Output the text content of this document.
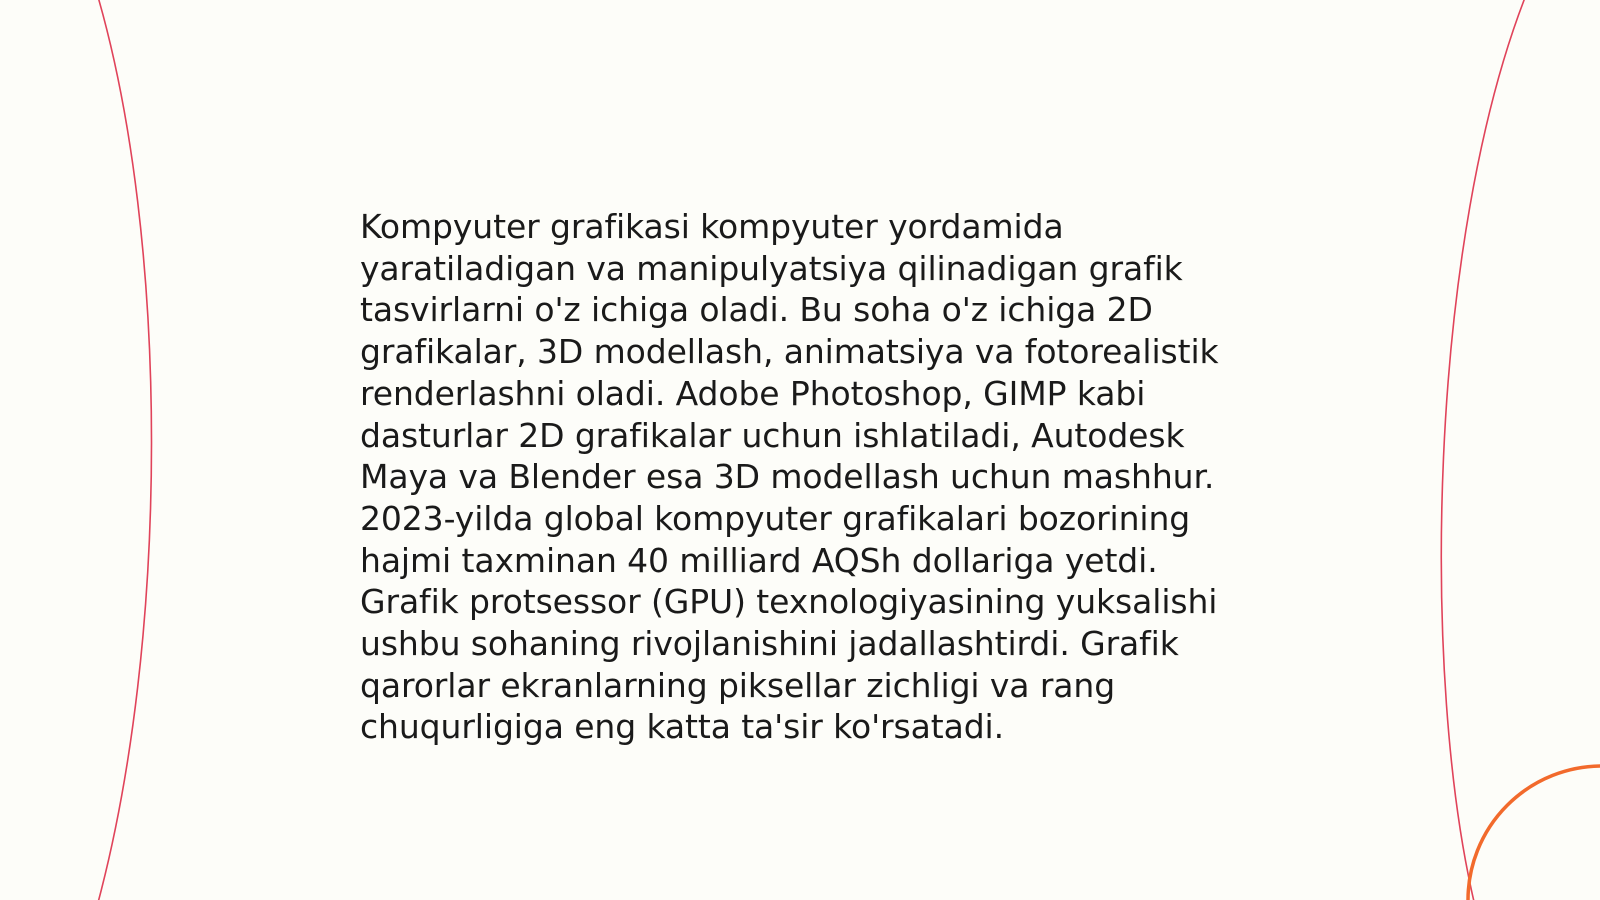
Kompyuter grafikasi kompyuter yordamida
yaratiladigan va manipulyatsiya qilinadigan grafik
tasvirlarni o'z ichiga oladi. Bu soha o'z ichiga 2D
grafikalar, 3D modellash, animatsiya va fotorealistik
renderlashni oladi. Adobe Photoshop, GIMP kabi
dasturlar 2D grafikalar uchun ishlatiladi, Autodesk
Maya va Blender esa 3D modellash uchun mashhur.
2023-yilda global kompyuter grafikalari bozorining
hajmi taxminan 40 milliard AQSh dollariga yetdi.
Grafik protsessor (GPU) texnologiyasining yuksalishi
ushbu sohaning rivojlanishini jadallashtirdi. Grafik
qarorlar ekranlarning piksellar zichligi va rang
chuqurligiga eng katta ta'sir ko'rsatadi.
